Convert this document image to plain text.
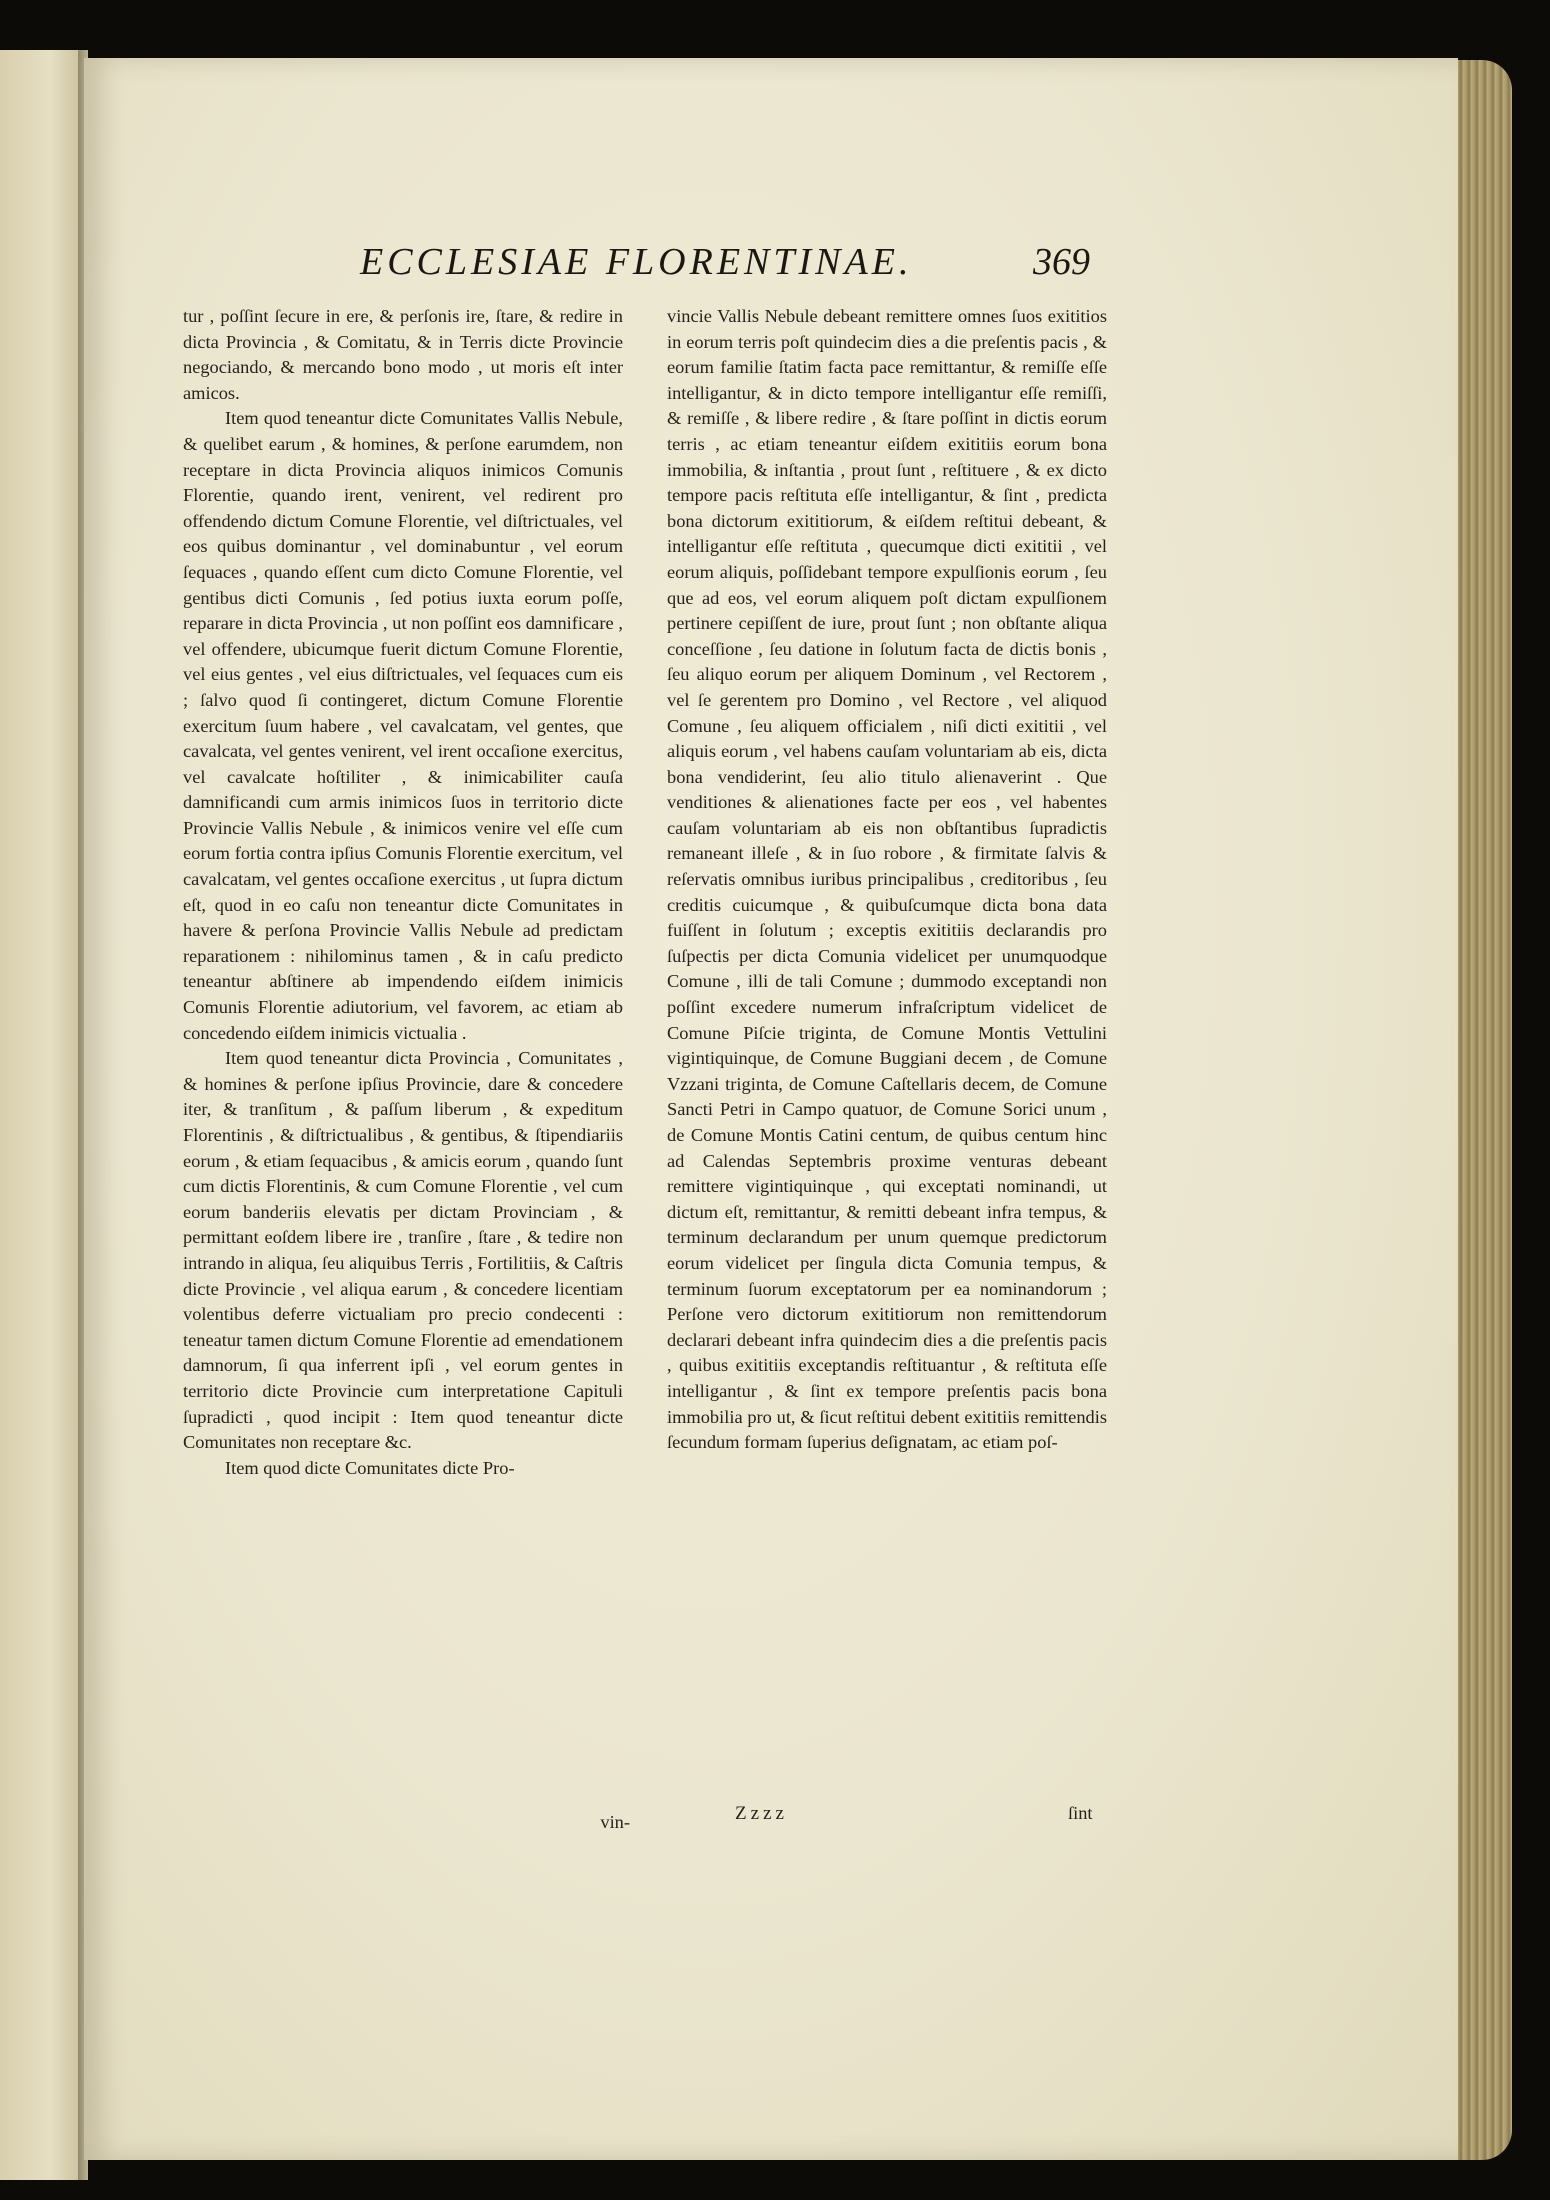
ECCLESIAE FLORENTINAE.	369

tur , poſſint ſecure in ere, & perſonis ire, ſtare, & redire in dicta Provincia , & Comitatu, & in Terris dicte Provincie negociando, & mercando bono modo , ut moris eſt inter amicos.

Item quod teneantur dicte Comunitates Vallis Nebule, & quelibet earum , & homines, & perſone earumdem, non receptare in dicta Provincia aliquos inimicos Comunis Florentie, quando irent, venirent, vel redirent pro offendendo dictum Comune Florentie, vel diſtrictuales, vel eos quibus dominantur , vel dominabuntur , vel eorum ſequaces , quando eſſent cum dicto Comune Florentie, vel gentibus dicti Comunis , ſed potius iuxta eorum poſſe, reparare in dicta Provincia , ut non poſſint eos damnificare , vel offendere, ubicumque fuerit dictum Comune Florentie, vel eius gentes , vel eius diſtrictuales, vel ſequaces cum eis ; ſalvo quod ſi contingeret, dictum Comune Florentie exercitum ſuum habere , vel cavalcatam, vel gentes, que cavalcata, vel gentes venirent, vel irent occaſione exercitus, vel cavalcate hoſtiliter , & inimicabiliter cauſa damnificandi cum armis inimicos ſuos in territorio dicte Provincie Vallis Nebule , & inimicos venire vel eſſe cum eorum fortia contra ipſius Comunis Florentie exercitum, vel cavalcatam, vel gentes occaſione exercitus , ut ſupra dictum eſt, quod in eo caſu non teneantur dicte Comunitates in havere & perſona Provincie Vallis Nebule ad predictam reparationem : nihilominus tamen , & in caſu predicto teneantur abſtinere ab impendendo eiſdem inimicis Comunis Florentie adiutorium, vel favorem, ac etiam ab concedendo eiſdem inimicis victualia .

Item quod teneantur dicta Provincia , Comunitates , & homines & perſone ipſius Provincie, dare & concedere iter, & tranſitum , & paſſum liberum , & expeditum Florentinis , & diſtrictualibus , & gentibus, & ſtipendiariis eorum , & etiam ſequacibus , & amicis eorum , quando ſunt cum dictis Florentinis, & cum Comune Florentie , vel cum eorum banderiis elevatis per dictam Provinciam , & permittant eoſdem libere ire , tranſire , ſtare , & tedire non intrando in aliqua, ſeu aliquibus Terris , Fortilitiis, & Caſtris dicte Provincie , vel aliqua earum , & concedere licentiam volentibus deferre victualiam pro precio condecenti : teneatur tamen dictum Comune Florentie ad emendationem damnorum, ſi qua inferrent ipſi , vel eorum gentes in territorio dicte Provincie cum interpretatione Capituli ſupradicti , quod incipit : Item quod teneantur dicte Comunitates non receptare &c.

Item quod dicte Comunitates dicte Pro-

vin-

vincie Vallis Nebule debeant remittere omnes ſuos exititios in eorum terris poſt quindecim dies a die preſentis pacis , & eorum familie ſtatim facta pace remittantur, & remiſſe eſſe intelligantur, & in dicto tempore intelligantur eſſe remiſſi, & remiſſe , & libere redire , & ſtare poſſint in dictis eorum terris , ac etiam teneantur eiſdem exititiis eorum bona immobilia, & inſtantia , prout ſunt , reſtituere , & ex dicto tempore pacis reſtituta eſſe intelligantur, & ſint , predicta bona dictorum exititiorum, & eiſdem reſtitui debeant, & intelligantur eſſe reſtituta , quecumque dicti exititii , vel eorum aliquis, poſſidebant tempore expulſionis eorum , ſeu que ad eos, vel eorum aliquem poſt dictam expulſionem pertinere cepiſſent de iure, prout ſunt ; non obſtante aliqua conceſſione , ſeu datione in ſolutum facta de dictis bonis , ſeu aliquo eorum per aliquem Dominum , vel Rectorem , vel ſe gerentem pro Domino , vel Rectore , vel aliquod Comune , ſeu aliquem officialem , niſi dicti exititii , vel aliquis eorum , vel habens cauſam voluntariam ab eis, dicta bona vendiderint, ſeu alio titulo alienaverint . Que venditiones & alienationes facte per eos , vel habentes cauſam voluntariam ab eis non obſtantibus ſupradictis remaneant illeſe , & in ſuo robore , & firmitate ſalvis & reſervatis omnibus iuribus principalibus , creditoribus , ſeu creditis cuicumque , & quibuſcumque dicta bona data fuiſſent in ſolutum ; exceptis exititiis declarandis pro ſuſpectis per dicta Comunia videlicet per unumquodque Comune , illi de tali Comune ; dummodo exceptandi non poſſint excedere numerum infraſcriptum videlicet de Comune Piſcie triginta, de Comune Montis Vettulini vigintiquinque, de Comune Buggiani decem , de Comune Vzzani triginta, de Comune Caſtellaris decem, de Comune Sancti Petri in Campo quatuor, de Comune Sorici unum , de Comune Montis Catini centum, de quibus centum hinc ad Calendas Septembris proxime venturas debeant remittere vigintiquinque , qui exceptati nominandi, ut dictum eſt, remittantur, & remitti debeant infra tempus, & terminum declarandum per unum quemque predictorum eorum videlicet per ſingula dicta Comunia tempus, & terminum ſuorum exceptatorum per ea nominandorum ; Perſone vero dictorum exititiorum non remittendorum declarari debeant infra quindecim dies a die preſentis pacis , quibus exititiis exceptandis reſtituantur , & reſtituta eſſe intelligantur , & ſint ex tempore preſentis pacis bona immobilia pro ut, & ſicut reſtitui debent exititiis remittendis ſecundum formam ſuperius deſignatam, ac etiam poſ-

Zzzz	ſint
